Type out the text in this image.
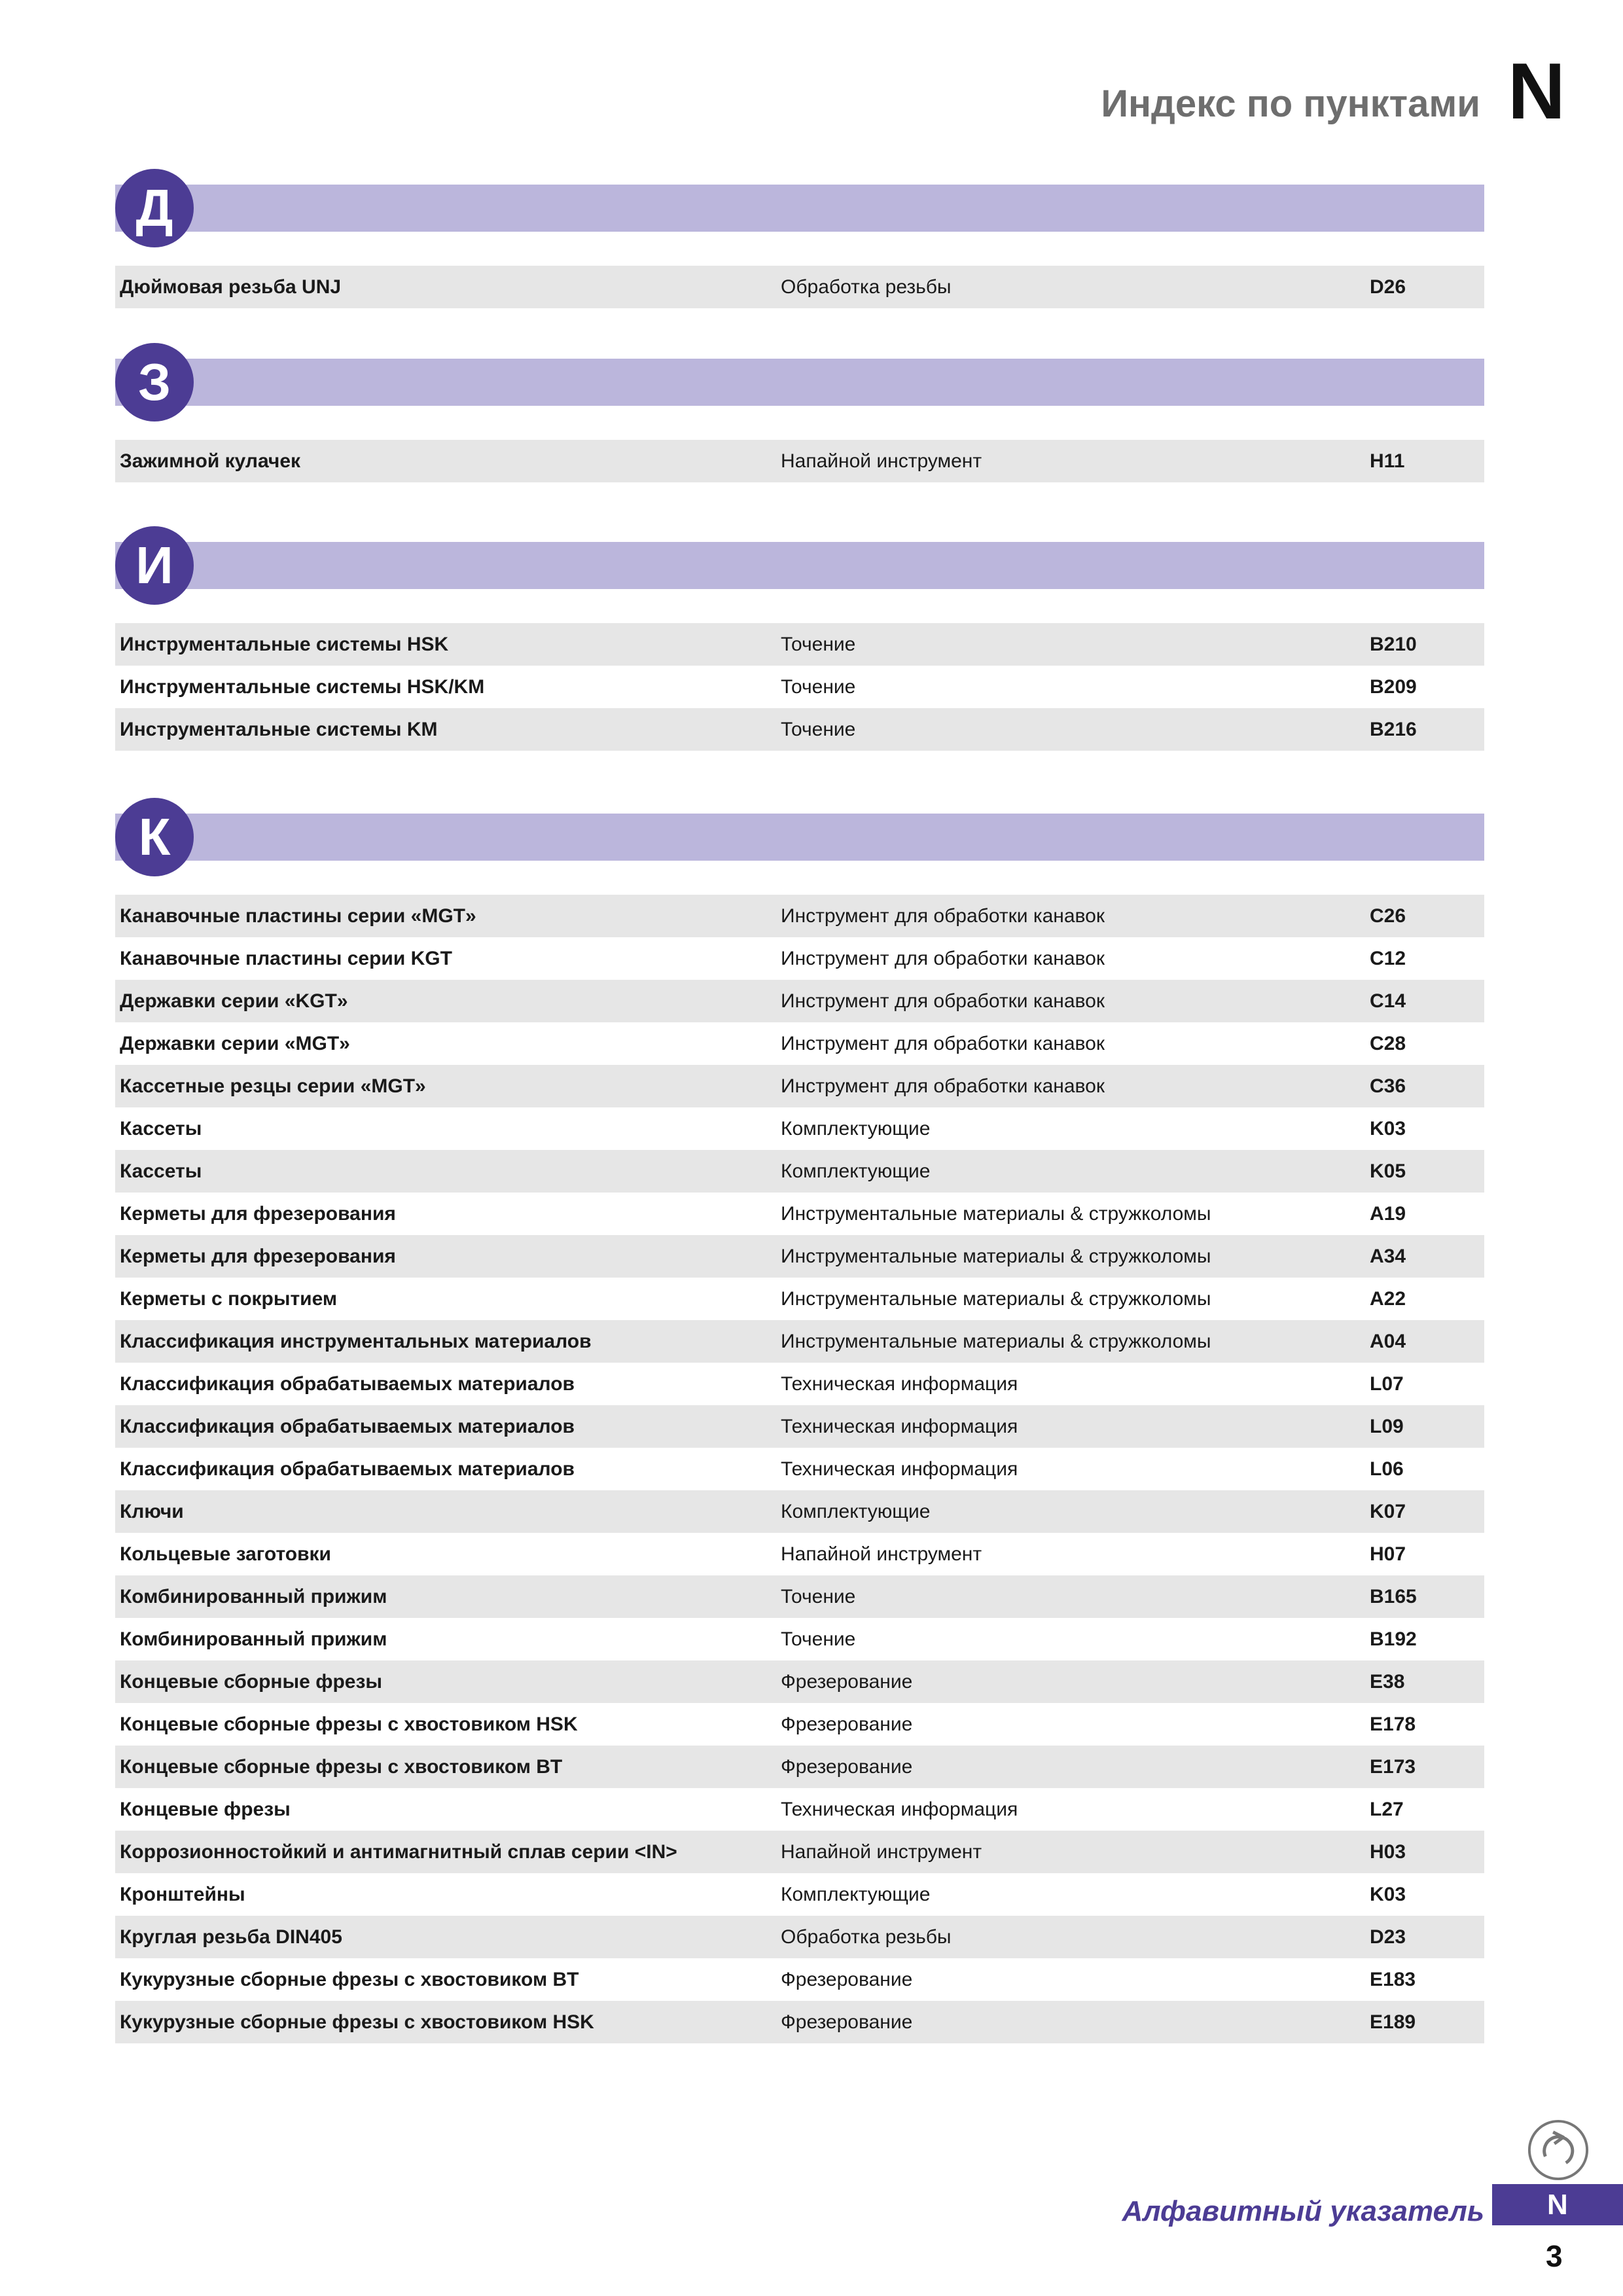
Индекс по пунктами N
Д
Дюймовая резьба UNJ	Обработка резьбы	D26
З
Зажимной кулачек	Напайной инструмент	H11
И
Инструментальные системы HSK	Точение	B210
Инструментальные системы HSK/KM	Точение	B209
Инструментальные системы KM	Точение	B216
К
Канавочные пластины серии «MGT»	Инструмент для обработки канавок	C26
Канавочные пластины серии KGT	Инструмент для обработки канавок	C12
Державки серии «KGT»	Инструмент для обработки канавок	C14
Державки серии «MGT»	Инструмент для обработки канавок	C28
Кассетные резцы серии «MGT»	Инструмент для обработки канавок	C36
Кассеты	Комплектующие	K03
Кассеты	Комплектующие	K05
Керметы для фрезерования	Инструментальные материалы & стружколомы	A19
Керметы для фрезерования	Инструментальные материалы & стружколомы	A34
Керметы с покрытием	Инструментальные материалы & стружколомы	A22
Классификация инструментальных материалов	Инструментальные материалы & стружколомы	A04
Классификация обрабатываемых материалов	Техническая информация	L07
Классификация обрабатываемых материалов	Техническая информация	L09
Классификация обрабатываемых материалов	Техническая информация	L06
Ключи	Комплектующие	K07
Кольцевые заготовки	Напайной инструмент	H07
Комбинированный прижим	Точение	B165
Комбинированный прижим	Точение	B192
Концевые сборные фрезы	Фрезерование	E38
Концевые сборные фрезы с хвостовиком HSK	Фрезерование	E178
Концевые сборные фрезы с хвостовиком BT	Фрезерование	E173
Концевые фрезы	Техническая информация	L27
Коррозионностойкий и антимагнитный сплав серии <IN>	Напайной инструмент	H03
Кронштейны	Комплектующие	K03
Круглая резьба DIN405	Обработка резьбы	D23
Кукурузные сборные фрезы с хвостовиком BT	Фрезерование	E183
Кукурузные сборные фрезы с хвостовиком HSK	Фрезерование	E189
Алфавитный указатель N
3
